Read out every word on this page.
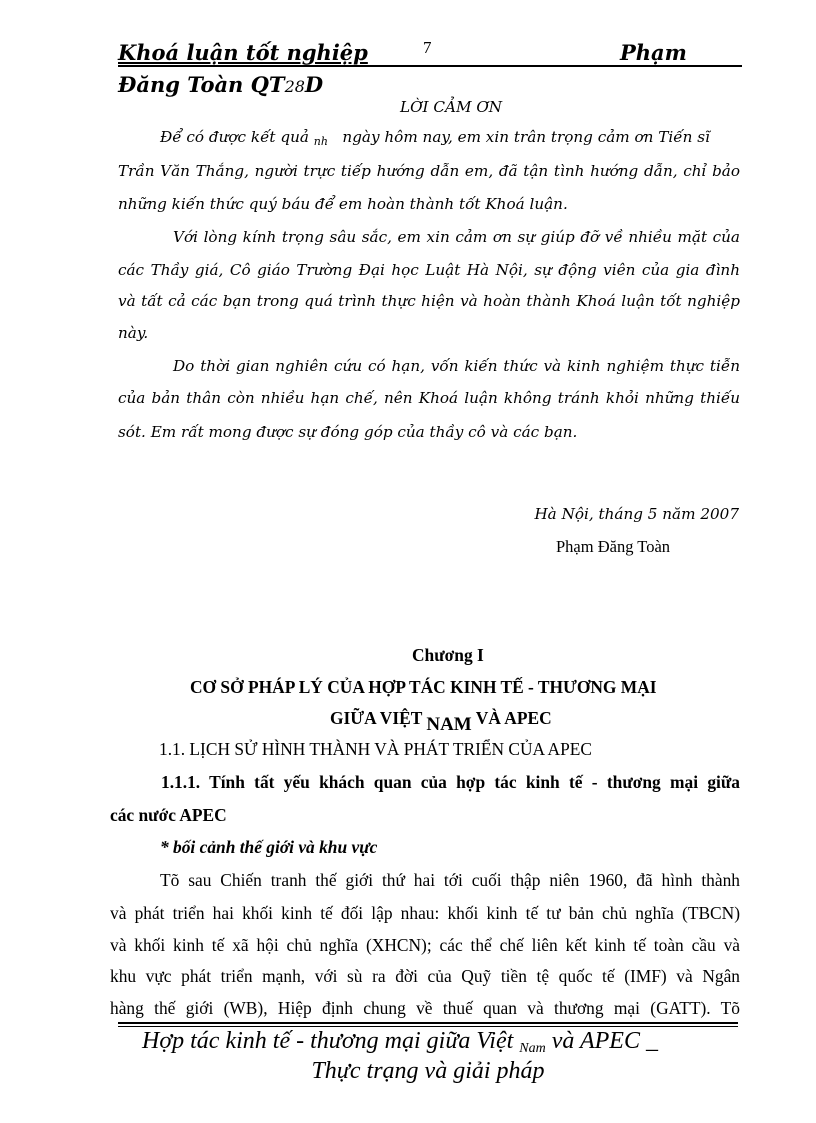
Khoá luận tốt nghiệp	7	Phạm
Đăng Toàn QT28D
LỜI CẢM ƠN
Để có được kết quả nh ngày hôm nay, em xin trân trọng cảm ơn Tiến sĩ
Trần Văn Thắng, người trực tiếp hướng dẫn em, đã tận tình hướng dẫn, chỉ bảo
những kiến thức quý báu để em hoàn thành tốt Khoá luận.
Với lòng kính trọng sâu sắc, em xin cảm ơn sự giúp đỡ về nhiều mặt của
các Thầy giá, Cô giáo Trường Đại học Luật Hà Nội, sự động viên của gia đình
và tất cả các bạn trong quá trình thực hiện và hoàn thành Khoá luận tốt nghiệp
này.
Do thời gian nghiên cứu có hạn, vốn kiến thức và kinh nghiệm thực tiễn
của bản thân còn nhiều hạn chế, nên Khoá luận không tránh khỏi những thiếu
sót. Em rất mong được sự đóng góp của thầy cô và các bạn.
Hà Nội, tháng 5 năm 2007
Phạm Đăng Toàn
Chương I
CƠ SỞ PHÁP LÝ CỦA HỢP TÁC KINH TẾ - THƯƠNG MẠI
GIỮA VIỆT NAM VÀ APEC
1.1. LỊCH SỬ HÌNH THÀNH VÀ PHÁT TRIỂN CỦA APEC
1.1.1. Tính tất yếu khách quan của hợp tác kinh tế - thương mại giữa
các nước APEC
* bối cảnh thế giới và khu vực
Tõ sau Chiến tranh thế giới thứ hai tới cuối thập niên 1960, đã hình thành
và phát triển hai khối kinh tế đối lập nhau: khối kinh tế tư bản chủ nghĩa (TBCN)
và khối kinh tế xã hội chủ nghĩa (XHCN); các thể chế liên kết kinh tế toàn cầu và
khu vực phát triển mạnh, với sù ra đời của Quỹ tiền tệ quốc tế (IMF) và Ngân
hàng thế giới (WB), Hiệp định chung về thuế quan và thương mại (GATT). Tõ
Hợp tác kinh tế - thương mại giữa Việt Nam và APEC _
Thực trạng và giải pháp
